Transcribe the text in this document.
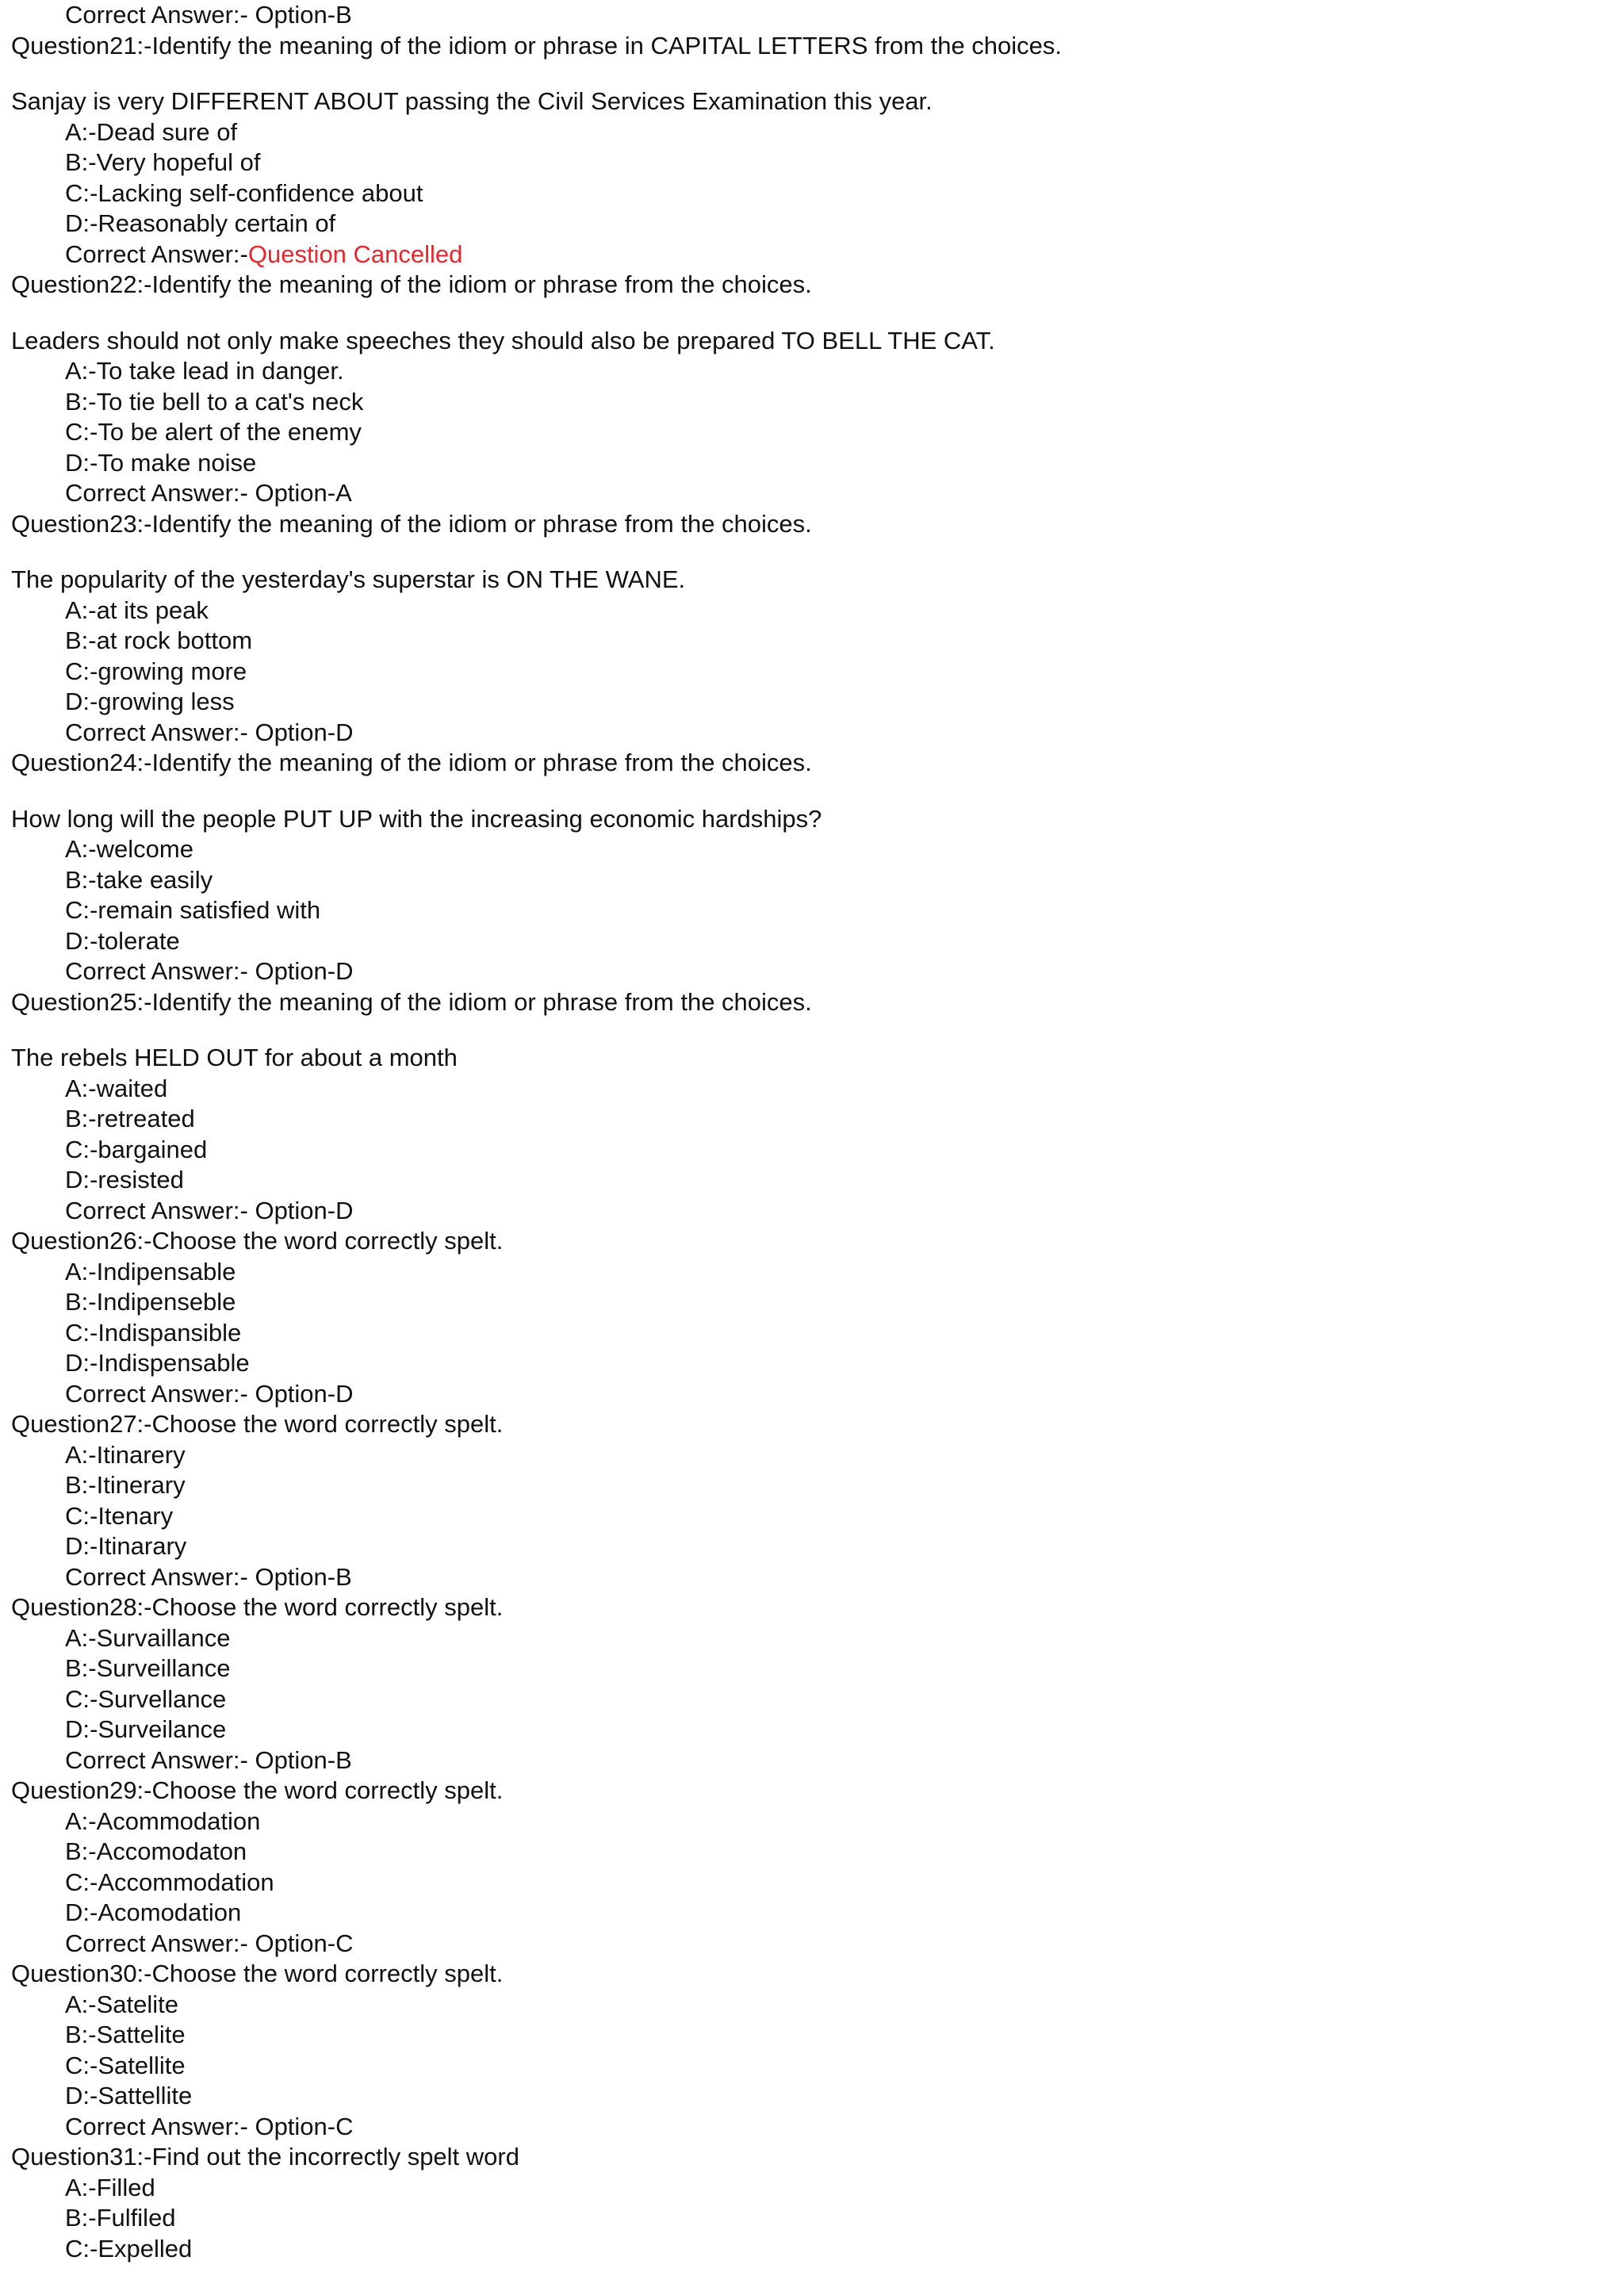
Correct Answer:- Option-B
Question21:-Identify the meaning of the idiom or phrase in CAPITAL LETTERS from the choices.
Sanjay is very DIFFERENT ABOUT passing the Civil Services Examination this year.
A:-Dead sure of
B:-Very hopeful of
C:-Lacking self-confidence about
D:-Reasonably certain of
Correct Answer:-Question Cancelled
Question22:-Identify the meaning of the idiom or phrase from the choices.
Leaders should not only make speeches they should also be prepared TO BELL THE CAT.
A:-To take lead in danger.
B:-To tie bell to a cat's neck
C:-To be alert of the enemy
D:-To make noise
Correct Answer:- Option-A
Question23:-Identify the meaning of the idiom or phrase from the choices.
The popularity of the yesterday's superstar is ON THE WANE.
A:-at its peak
B:-at rock bottom
C:-growing more
D:-growing less
Correct Answer:- Option-D
Question24:-Identify the meaning of the idiom or phrase from the choices.
How long will the people PUT UP with the increasing economic hardships?
A:-welcome
B:-take easily
C:-remain satisfied with
D:-tolerate
Correct Answer:- Option-D
Question25:-Identify the meaning of the idiom or phrase from the choices.
The rebels HELD OUT for about a month
A:-waited
B:-retreated
C:-bargained
D:-resisted
Correct Answer:- Option-D
Question26:-Choose the word correctly spelt.
A:-Indipensable
B:-Indipenseble
C:-Indispansible
D:-Indispensable
Correct Answer:- Option-D
Question27:-Choose the word correctly spelt.
A:-Itinarery
B:-Itinerary
C:-Itenary
D:-Itinarary
Correct Answer:- Option-B
Question28:-Choose the word correctly spelt.
A:-Survaillance
B:-Surveillance
C:-Survellance
D:-Surveilance
Correct Answer:- Option-B
Question29:-Choose the word correctly spelt.
A:-Acommodation
B:-Accomodaton
C:-Accommodation
D:-Acomodation
Correct Answer:- Option-C
Question30:-Choose the word correctly spelt.
A:-Satelite
B:-Sattelite
C:-Satellite
D:-Sattellite
Correct Answer:- Option-C
Question31:-Find out the incorrectly spelt word
A:-Filled
B:-Fulfiled
C:-Expelled
